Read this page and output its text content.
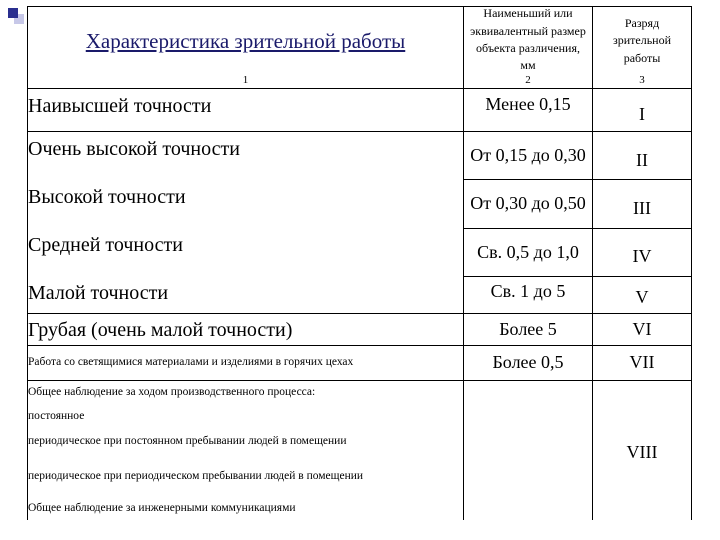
Характеристика зрительной работы
1
Наименьший или эквивалентный размер объекта различения, мм
2
Разряд зрительной работы
3
Наивысшей точности
Очень высокой точности
Высокой точности
Средней точности
Малой точности
Грубая (очень малой точности)
Работа со светящимися материалами и изделиями в горячих цехах
Менее 0,15
От 0,15 до 0,30
От 0,30 до 0,50
Св. 0,5 до 1,0
Св. 1 до 5
Более 5
Более 0,5
I
II
III
IV
V
VI
VII
Общее наблюдение за ходом производственного процесса:
постоянное
периодическое при постоянном пребывании людей в помещении
периодическое при периодическом пребывании людей в помещении
Общее наблюдение за инженерными коммуникациями
VIII
